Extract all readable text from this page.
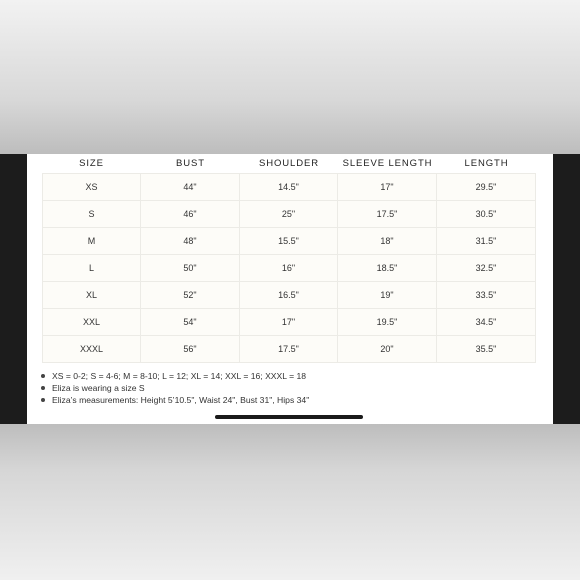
SIZE	BUST	SHOULDER	SLEEVE LENGTH	LENGTH
XS	44"	14.5"	17"	29.5"
S	46"	25"	17.5"	30.5"
M	48"	15.5"	18"	31.5"
L	50"	16"	18.5"	32.5"
XL	52"	16.5"	19"	33.5"
XXL	54"	17"	19.5"	34.5"
XXXL	56"	17.5"	20"	35.5"
XS = 0-2; S = 4-6; M = 8-10; L = 12; XL = 14; XXL = 16; XXXL = 18
Eliza is wearing a size S
Eliza’s measurements: Height 5’10.5", Waist 24", Bust 31", Hips 34"
